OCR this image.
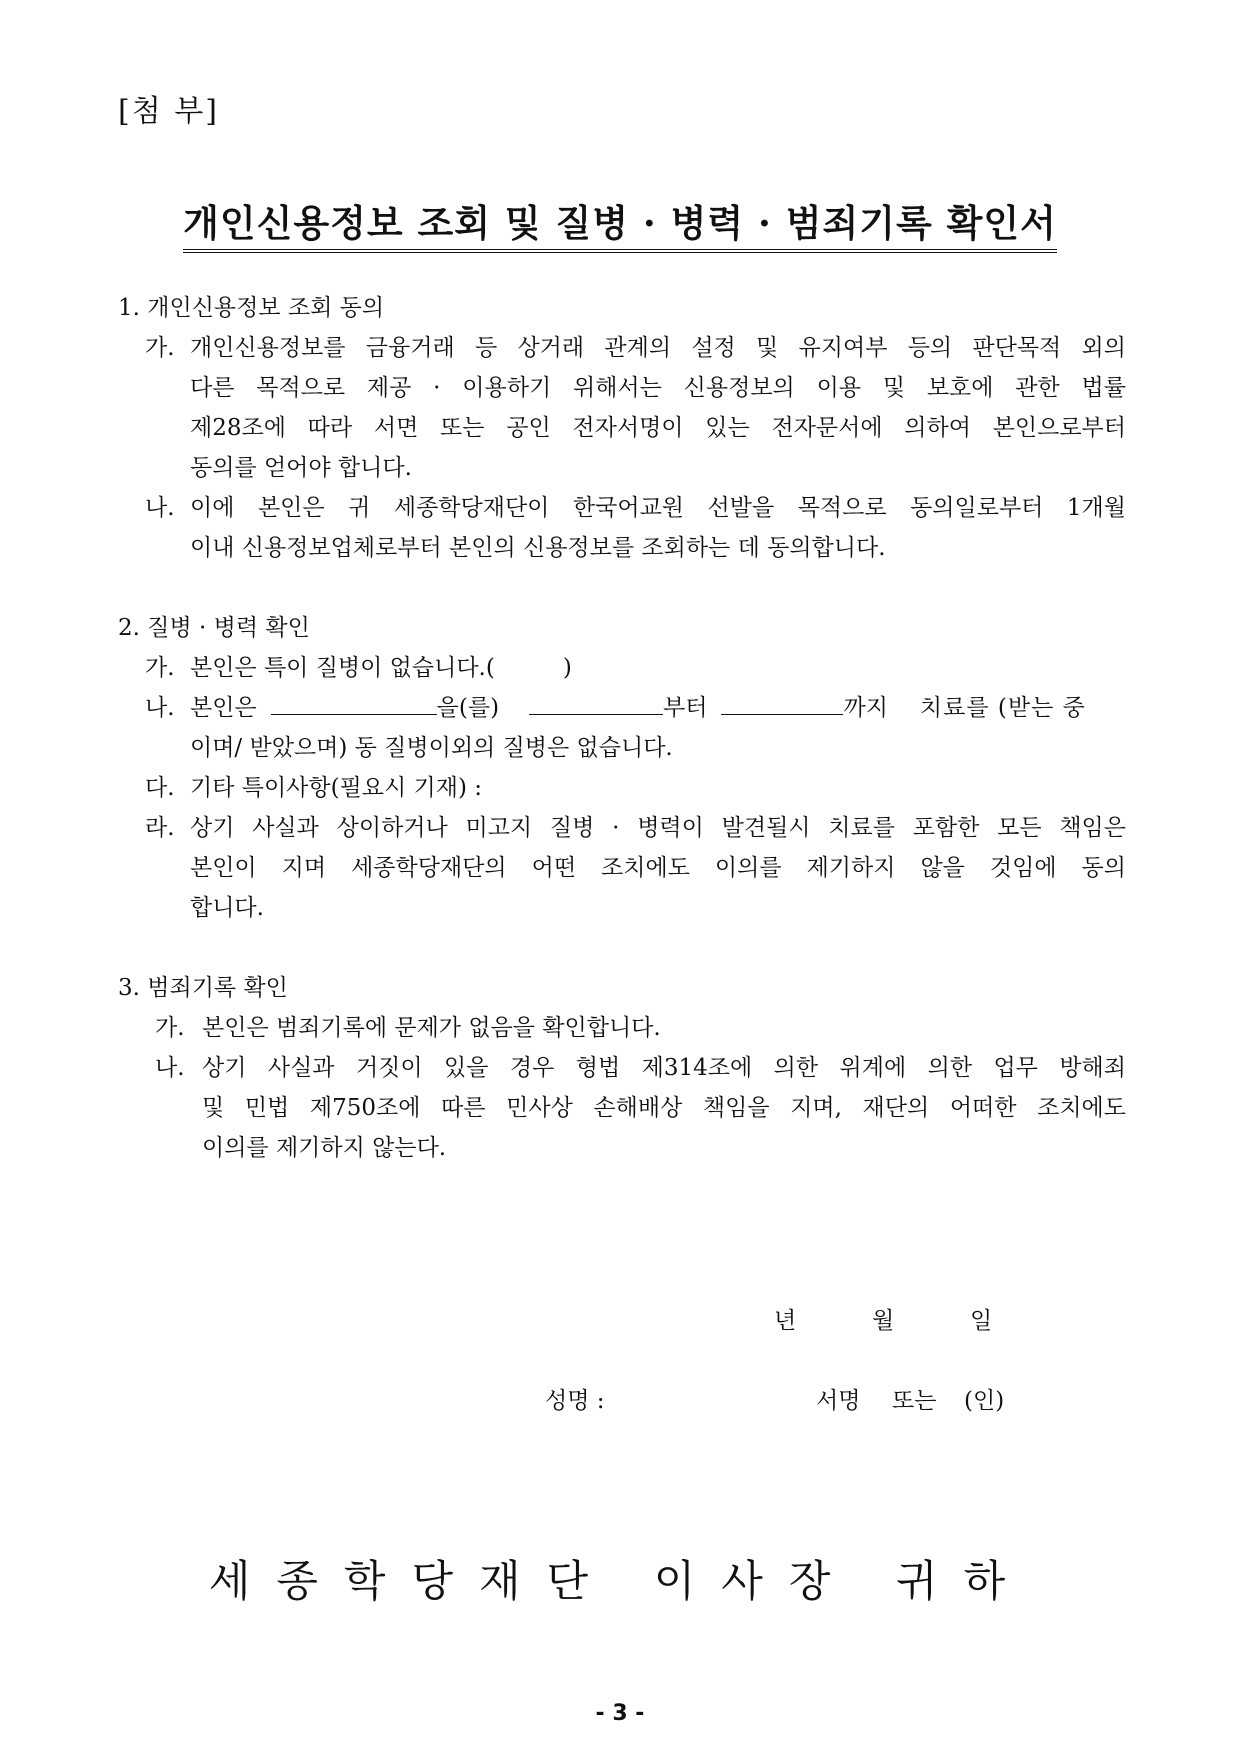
[첨 부]
개인신용정보 조회 및 질병 · 병력 · 범죄기록 확인서
1. 개인신용정보 조회 동의
가. 개인신용정보를 금융거래 등 상거래 관계의 설정 및 유지여부 등의 판단목적 외의
다른 목적으로 제공 · 이용하기 위해서는 신용정보의 이용 및 보호에 관한 법률
제28조에 따라 서면 또는 공인 전자서명이 있는 전자문서에 의하여 본인으로부터
동의를 얻어야 합니다.
나. 이에 본인은 귀 세종학당재단이 한국어교원 선발을 목적으로 동의일로부터 1개월
이내 신용정보업체로부터 본인의 신용정보를 조회하는 데 동의합니다.
2. 질병 · 병력 확인
가. 본인은 특이 질병이 없습니다.(	)
나. 본인은	을(를)	부터	까지 치료를 (받는 중
이며/ 받았으며) 동 질병이외의 질병은 없습니다.
다. 기타 특이사항(필요시 기재) :
라. 상기 사실과 상이하거나 미고지 질병 · 병력이 발견될시 치료를 포함한 모든 책임은
본인이 지며 세종학당재단의 어떤 조치에도 이의를 제기하지 않을 것임에 동의
합니다.
3. 범죄기록 확인
가. 본인은 범죄기록에 문제가 없음을 확인합니다.
나. 상기 사실과 거짓이 있을 경우 형법 제314조에 의한 위계에 의한 업무 방해죄
및 민법 제750조에 따른 민사상 손해배상 책임을 지며, 재단의 어떠한 조치에도
이의를 제기하지 않는다.
년	월	일
성명 :	서명 또는 (인)
세종학당재단 이사장 귀하
- 3 -
